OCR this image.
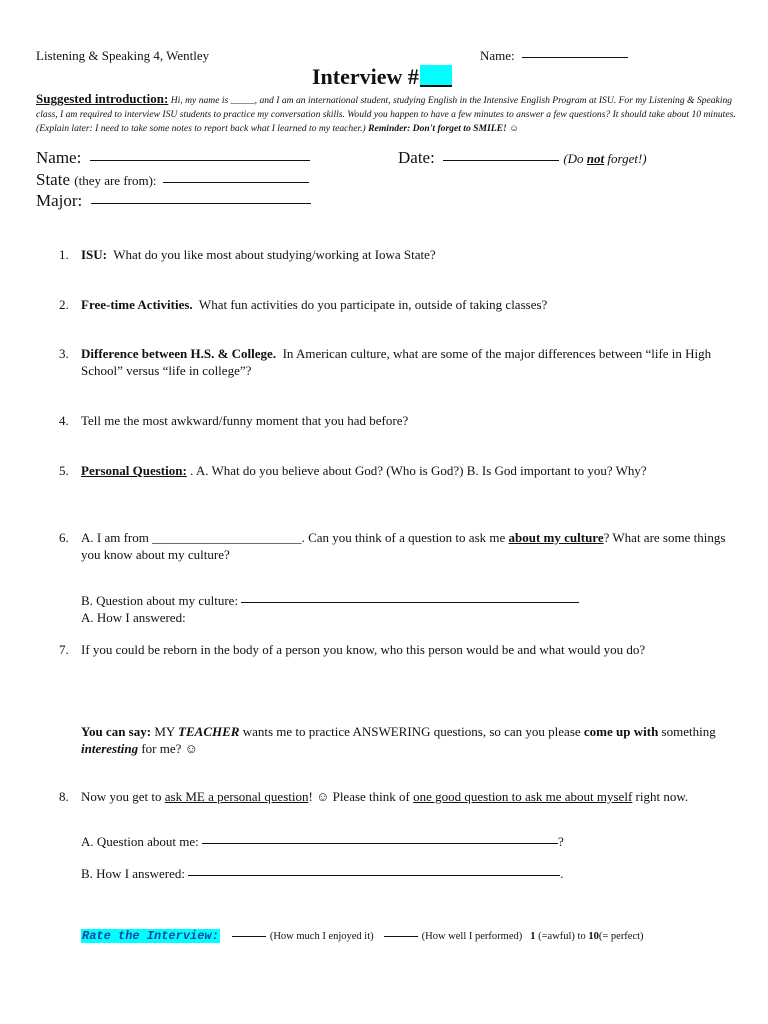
Listening & Speaking 4, Wentley	Name:
Interview #
Suggested introduction: Hi, my name is _____, and I am an international student, studying English in the Intensive English Program at ISU. For my Listening & Speaking class, I am required to interview ISU students to practice my conversation skills. Would you happen to have a few minutes to answer a few questions? It should take about 10 minutes. (Explain later: I need to take some notes to report back what I learned to my teacher.) Reminder: Don't forget to SMILE! ☺
Name:	Date:	(Do not forget!)
State (they are from):
Major:
1. ISU: What do you like most about studying/working at Iowa State?
2. Free-time Activities. What fun activities do you participate in, outside of taking classes?
3. Difference between H.S. & College. In American culture, what are some of the major differences between “life in High School” versus “life in college”?
4. Tell me the most awkward/funny moment that you had before?
5. Personal Question: . A. What do you believe about God? (Who is God?) B. Is God important to you? Why?
6. A. I am from _______________________. Can you think of a question to ask me about my culture? What are some things you know about my culture?
B. Question about my culture:
A. How I answered:
7. If you could be reborn in the body of a person you know, who this person would be and what would you do?
You can say: MY TEACHER wants me to practice ANSWERING questions, so can you please come up with something interesting for me? ☺
8. Now you get to ask ME a personal question! ☺ Please think of one good question to ask me about myself right now.
A. Question about me:	?
B. How I answered:	.
Rate the Interview:	(How much I enjoyed it)	(How well I performed) 1 (=awful) to 10(= perfect)
